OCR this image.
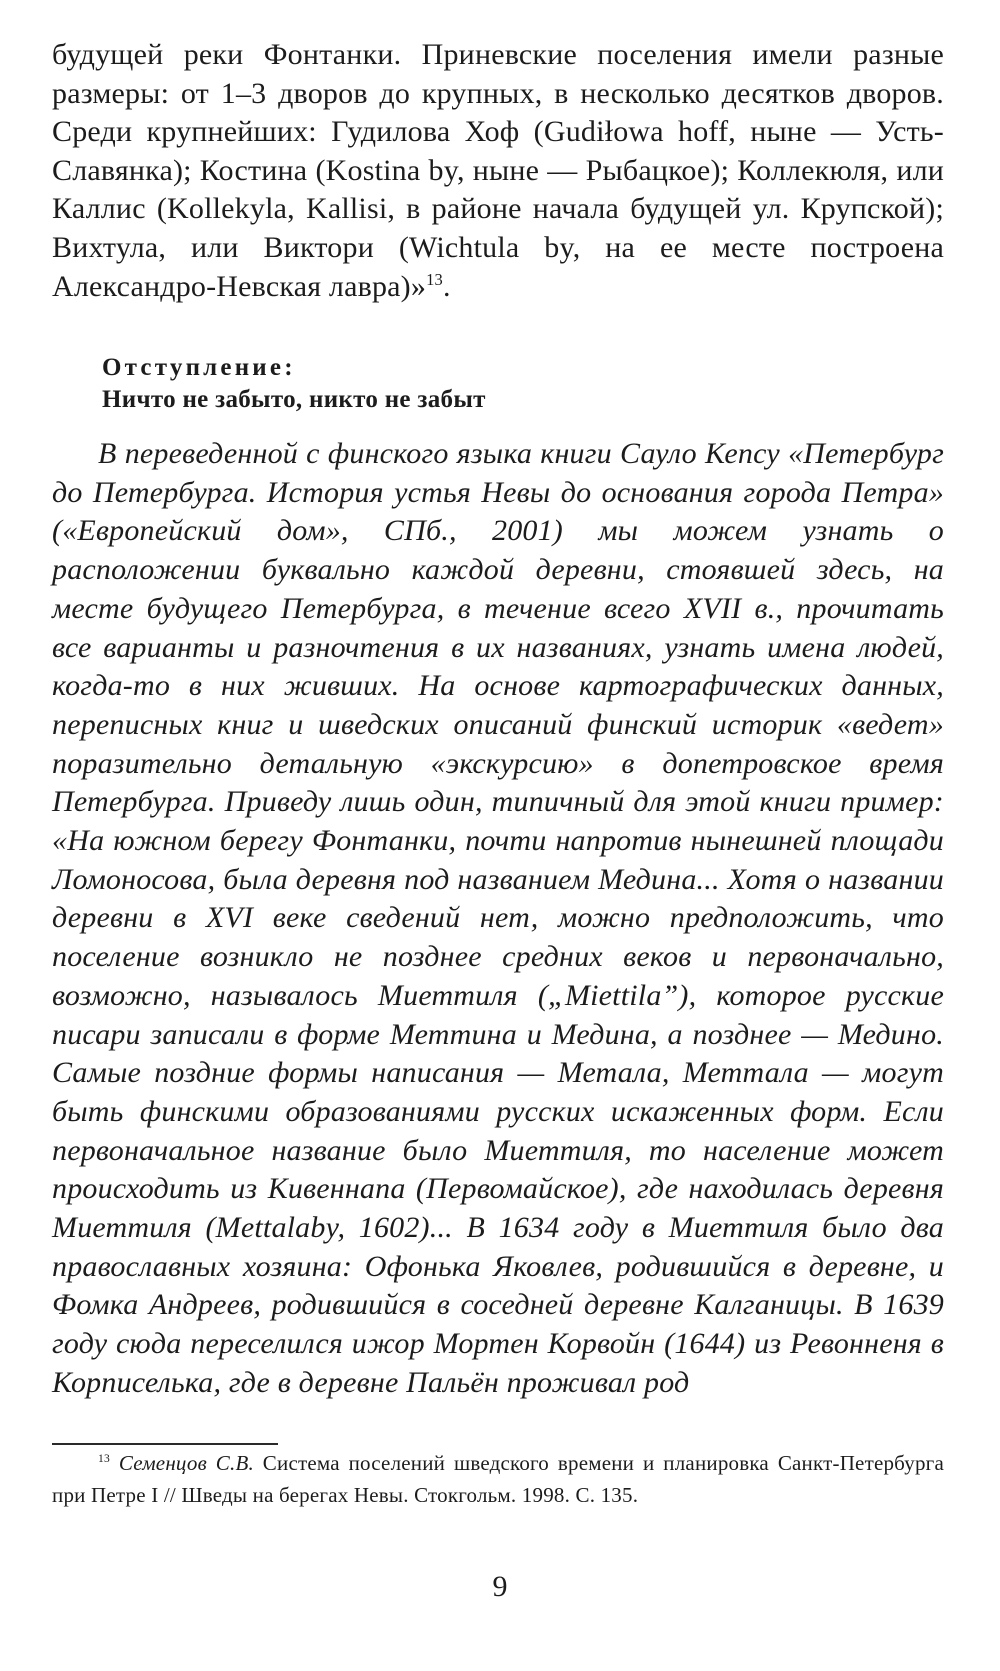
будущей реки Фонтанки. Приневские поселения имели разные размеры: от 1–3 дворов до крупных, в несколько десятков дворов. Среди крупнейших: Гудилова Хоф (Gudiłowa hoff, ныне — Усть-Славянка); Костина (Kostina by, ныне — Рыбацкое); Коллекюля, или Каллис (Kollekyla, Kallisi, в районе начала будущей ул. Крупской); Вихтула, или Виктори (Wichtula by, на ее месте построена Александро-Невская лавра)»$^{13}$.

Отступление:
Ничто не забыто, никто не забыт

В переведенной с финского языка книги Сауло Кепсу «Петербург до Петербурга. История устья Невы до основания города Петра» («Европейский дом», СПб., 2001) мы можем узнать о расположении буквально каждой деревни, стоявшей здесь, на месте будущего Петербурга, в течение всего XVII в., прочитать все варианты и разночтения в их названиях, узнать имена людей, когда-то в них живших. На основе картографических данных, переписных книг и шведских описаний финский историк «ведет» поразительно детальную «экскурсию» в допетровское время Петербурга. Приведу лишь один, типичный для этой книги пример: «На южном берегу Фонтанки, почти напротив нынешней площади Ломоносова, была деревня под названием Медина... Хотя о названии деревни в XVI веке сведений нет, можно предположить, что поселение возникло не позднее средних веков и первоначально, возможно, называлось Миеттиля („Miettila”), которое русские писари записали в форме Меттина и Медина, а позднее — Медино. Самые поздние формы написания — Метала, Меттала — могут быть финскими образованиями русских искаженных форм. Если первоначальное название было Миеттиля, то население может происходить из Кивеннапа (Первомайское), где находилась деревня Миеттиля (Mettalaby, 1602)... В 1634 году в Миеттиля было два православных хозяина: Офонька Яковлев, родившийся в деревне, и Фомка Андреев, родившийся в соседней деревне Калганицы. В 1639 году сюда переселился ижор Мортен Корвойн (1644) из Ревонненя в Корписелька, где в деревне Пальён проживал род

$^{13}$ Семенцов С.В. Система поселений шведского времени и планировка Санкт-Петербурга при Петре I // Шведы на берегах Невы. Стокгольм. 1998. С. 135.

9
